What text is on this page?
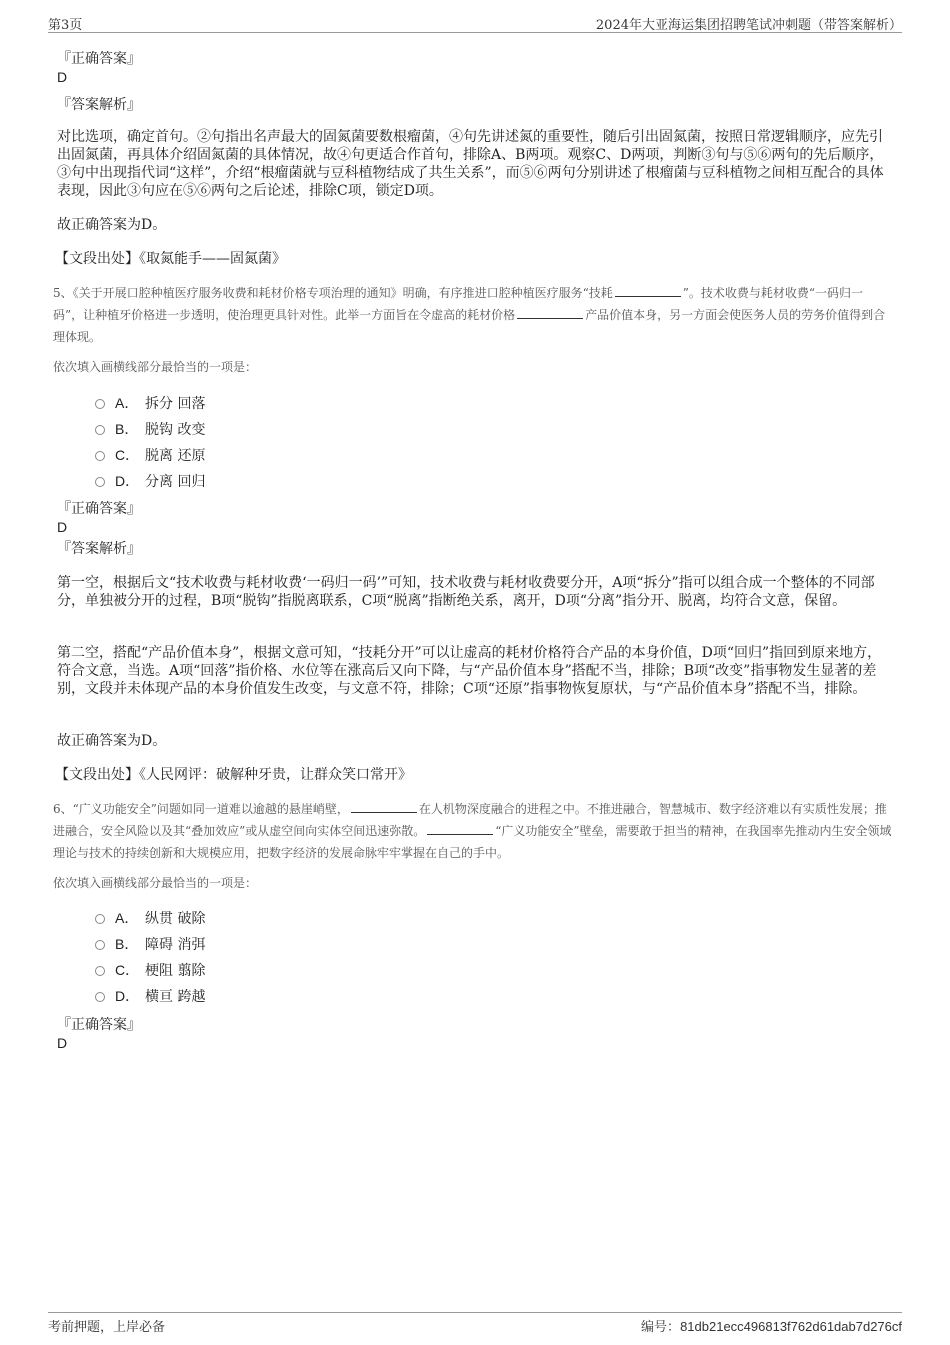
第3页	2024年大亚海运集团招聘笔试冲刺题（带答案解析）

『正确答案』

D

『答案解析』

对比选项，确定首句。②句指出名声最大的固氮菌要数根瘤菌，④句先讲述氮的重要性，随后引出固氮菌，按照日常逻辑顺序，应先引出固氮菌，再具体介绍固氮菌的具体情况，故④句更适合作首句，排除A、B两项。观察C、D两项，判断③句与⑤⑥两句的先后顺序，③句中出现指代词“这样”，介绍“根瘤菌就与豆科植物结成了共生关系”，而⑤⑥两句分别讲述了根瘤菌与豆科植物之间相互配合的具体表现，因此③句应在⑤⑥两句之后论述，排除C项，锁定D项。

故正确答案为D。

【文段出处】《取氮能手——固氮菌》

5、《关于开展口腔种植医疗服务收费和耗材价格专项治理的通知》明确，有序推进口腔种植医疗服务“技耗	”。技术收费与耗材收费“一码归一码”，让种植牙价格进一步透明，使治理更具针对性。此举一方面旨在令虚高的耗材价格	产品价值本身，另一方面会使医务人员的劳务价值得到合理体现。

依次填入画横线部分最恰当的一项是：

A． 拆分 回落
B． 脱钩 改变
C． 脱离 还原
D． 分离 回归

『正确答案』

D

『答案解析』

第一空，根据后文“技术收费与耗材收费‘一码归一码’”可知，技术收费与耗材收费要分开，A项“拆分”指可以组合成一个整体的不同部分，单独被分开的过程，B项“脱钩”指脱离联系，C项“脱离”指断绝关系，离开，D项“分离”指分开、脱离，均符合文意，保留。

第二空，搭配“产品价值本身”，根据文意可知，“技耗分开”可以让虚高的耗材价格符合产品的本身价值，D项“回归”指回到原来地方，符合文意，当选。A项“回落”指价格、水位等在涨高后又向下降，与“产品价值本身”搭配不当，排除；B项“改变”指事物发生显著的差别，文段并未体现产品的本身价值发生改变，与文意不符，排除；C项“还原”指事物恢复原状，与“产品价值本身”搭配不当，排除。

故正确答案为D。

【文段出处】《人民网评：破解种牙贵，让群众笑口常开》

6、“广义功能安全”问题如同一道难以逾越的悬崖峭壁，	在人机物深度融合的进程之中。不推进融合，智慧城市、数字经济难以有实质性发展；推进融合，安全风险以及其“叠加效应”或从虚空间向实体空间迅速弥散。	“广义功能安全”壁垒，需要敢于担当的精神，在我国率先推动内生安全领域理论与技术的持续创新和大规模应用，把数字经济的发展命脉牢牢掌握在自己的手中。

依次填入画横线部分最恰当的一项是：

A． 纵贯 破除
B． 障碍 消弭
C． 梗阻 翦除
D． 横亘 跨越

『正确答案』

D

考前押题，上岸必备	编号：81db21ecc496813f762d61dab7d276cf
